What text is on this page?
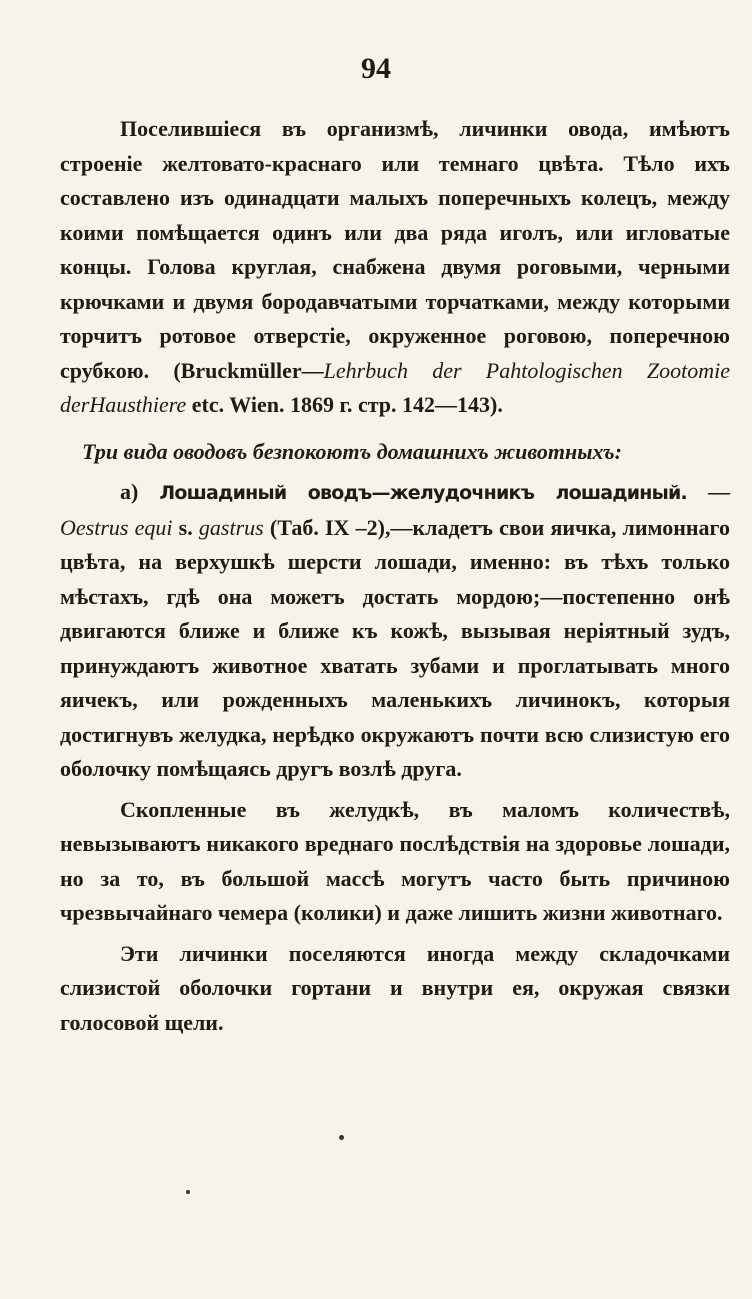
94

Поселившіеся въ организмѣ, личинки овода, имѣютъ строеніе желтовато-краснаго или темнаго цвѣта. Тѣло ихъ составлено изъ одинадцати малыхъ поперечныхъ колецъ, между коими помѣщается одинъ или два ряда иголъ, или игловатые концы. Голова круглая, снабжена двумя роговыми, черными крючками и двумя бородавчатыми торчатками, между которыми торчитъ ротовое отверстіе, окруженное роговою, поперечною срубкою. (Bruckmüller—Lehrbuch der Pahtologischen Zootomie derHausthiere etc. Wien. 1869 г. стр. 142—143).

Три вида оводовъ безпокоютъ домашнихъ животныхъ:

a) Лошадиный оводъ—желудочникъ лошадиный. — Oestrus equi s. gastrus (Таб. IX –2),—кладетъ свои яичка, лимоннаго цвѣта, на верхушкѣ шерсти лошади, именно: въ тѣхъ только мѣстахъ, гдѣ она можетъ достать мордою;—постепенно онѣ двигаются ближе и ближе къ кожѣ, вызывая неріятный зудъ, принуждаютъ животное хватать зубами и проглатывать много яичекъ, или рожденныхъ маленькихъ личинокъ, которыя достигнувъ желудка, нерѣдко окружаютъ почти всю слизистую его оболочку помѣщаясь другъ возлѣ друга.

Скопленные въ желудкѣ, въ маломъ количествѣ, невызываютъ никакого вреднаго послѣдствія на здоровье лошади, но за то, въ большой массѣ могутъ часто быть причиною чрезвычайнаго чемера (колики) и даже лишить жизни животнаго.

Эти личинки поселяются иногда между складочками слизистой оболочки гортани и внутри ея, окружая связки голосовой щели.
